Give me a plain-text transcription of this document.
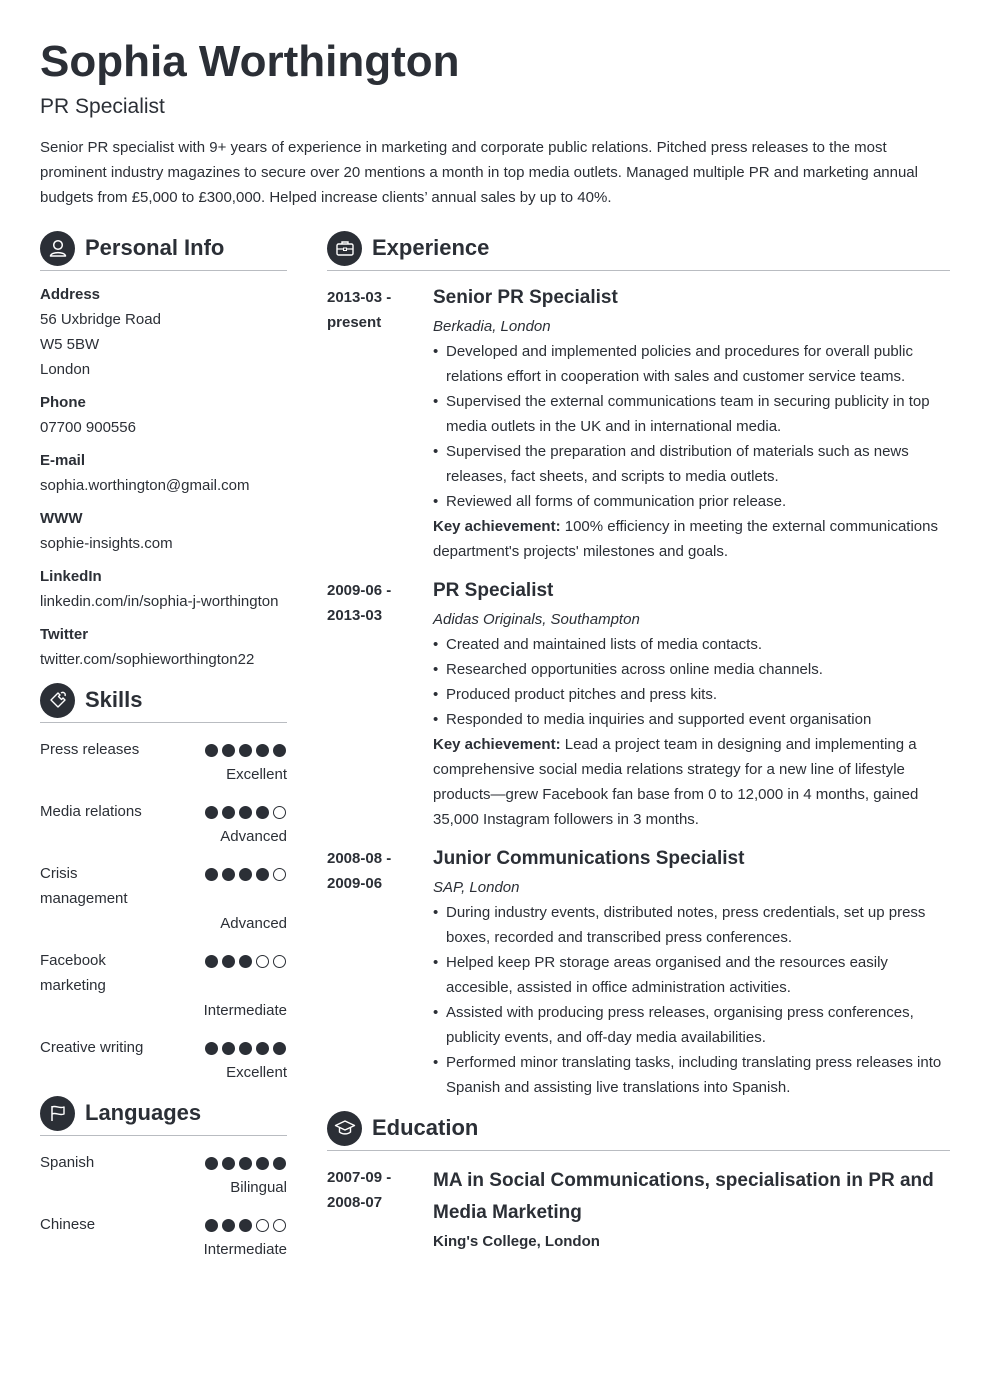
Sophia Worthington
PR Specialist
Senior PR specialist with 9+ years of experience in marketing and corporate public relations. Pitched press releases to the most prominent industry magazines to secure over 20 mentions a month in top media outlets. Managed multiple PR and marketing annual budgets from £5,000 to £300,000. Helped increase clients’ annual sales by up to 40%.
Personal Info
Address
56 Uxbridge Road
W5 5BW
London
Phone
07700 900556
E-mail
sophia.worthington@gmail.com
WWW
sophie-insights.com
LinkedIn
linkedin.com/in/sophia-j-worthington
Twitter
twitter.com/sophieworthington22
Skills
Press releases
Excellent
Media relations
Advanced
Crisis management
Advanced
Facebook marketing
Intermediate
Creative writing
Excellent
Languages
Spanish
Bilingual
Chinese
Intermediate
Experience
2013-03 -
present
Senior PR Specialist
Berkadia, London
• Developed and implemented policies and procedures for overall public relations effort in cooperation with sales and customer service teams.
• Supervised the external communications team in securing publicity in top media outlets in the UK and in international media.
• Supervised the preparation and distribution of materials such as news releases, fact sheets, and scripts to media outlets.
• Reviewed all forms of communication prior release.
Key achievement: 100% efficiency in meeting the external communications department's projects' milestones and goals.
2009-06 -
2013-03
PR Specialist
Adidas Originals, Southampton
• Created and maintained lists of media contacts.
• Researched opportunities across online media channels.
• Produced product pitches and press kits.
• Responded to media inquiries and supported event organisation
Key achievement: Lead a project team in designing and implementing a comprehensive social media relations strategy for a new line of lifestyle products—grew Facebook fan base from 0 to 12,000 in 4 months, gained 35,000 Instagram followers in 3 months.
2008-08 -
2009-06
Junior Communications Specialist
SAP, London
• During industry events, distributed notes, press credentials, set up press boxes, recorded and transcribed press conferences.
• Helped keep PR storage areas organised and the resources easily accesible, assisted in office administration activities.
• Assisted with producing press releases, organising press conferences, publicity events, and off-day media availabilities.
• Performed minor translating tasks, including translating press releases into Spanish and assisting live translations into Spanish.
Education
2007-09 -
2008-07
MA in Social Communications, specialisation in PR and Media Marketing
King's College, London
